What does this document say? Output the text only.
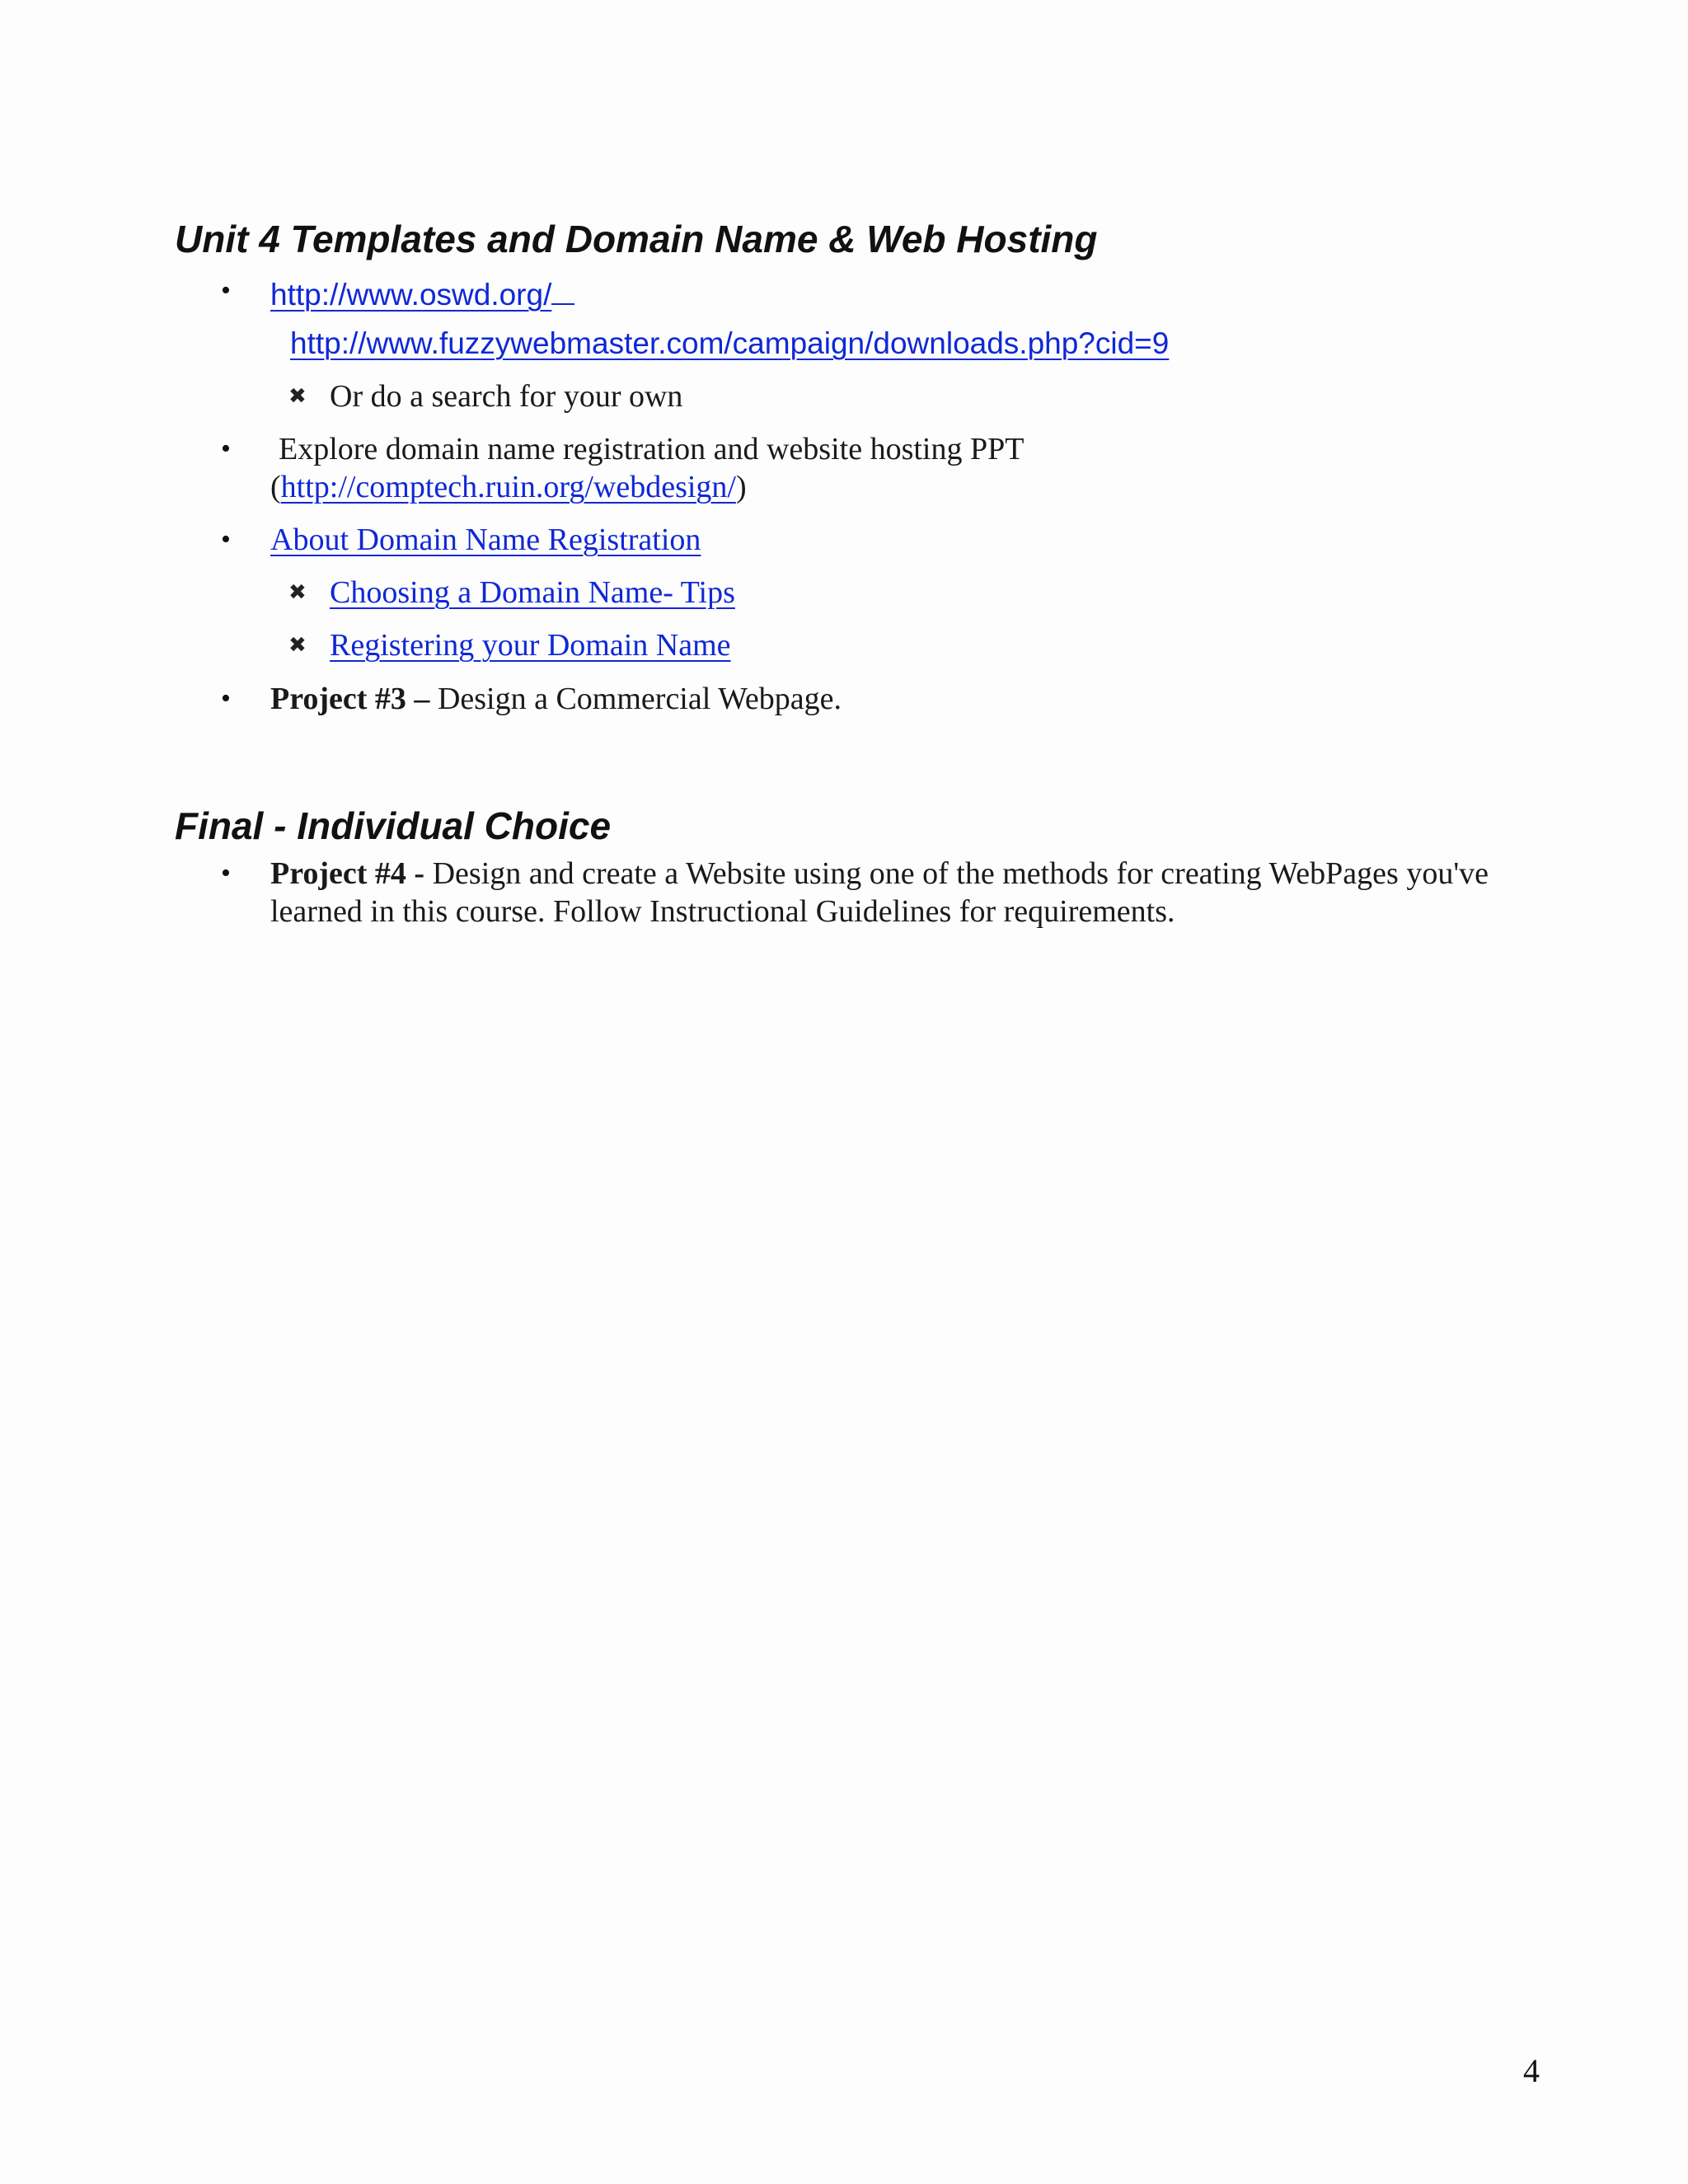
Unit 4 Templates and Domain Name & Web Hosting
• http://www.oswd.org/
http://www.fuzzywebmaster.com/campaign/downloads.php?cid=9
✖ Or do a search for your own
• Explore domain name registration and website hosting PPT
(http://comptech.ruin.org/webdesign/)
• About Domain Name Registration
✖ Choosing a Domain Name- Tips
✖ Registering your Domain Name
• Project #3 – Design a Commercial Webpage.
Final - Individual Choice
• Project #4 - Design and create a Website using one of the methods for creating WebPages you've
learned in this course. Follow Instructional Guidelines for requirements.
4
